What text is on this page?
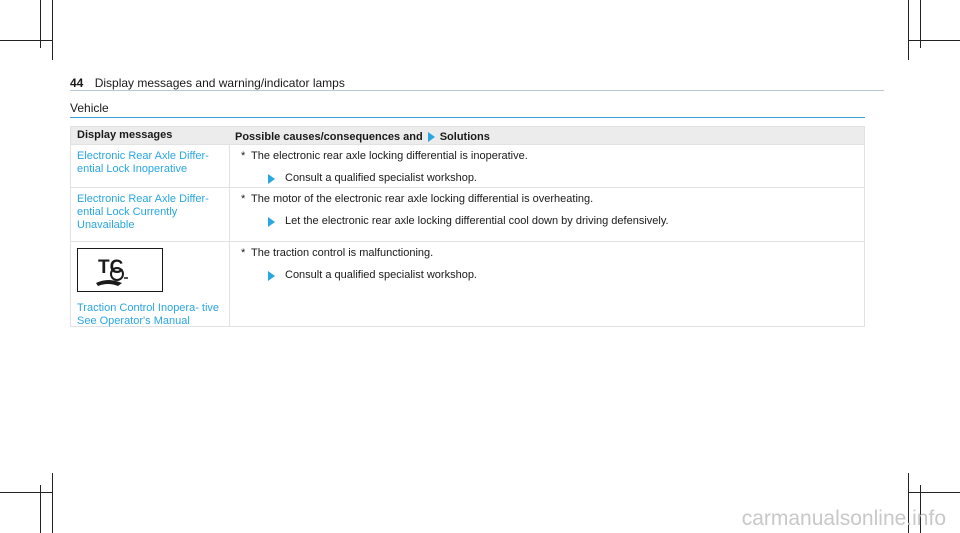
44 Display messages and warning/indicator lamps
Vehicle
Display messages	Possible causes/consequences and Solutions
Electronic Rear Axle Differ- ential Lock Inoperative
* The electronic rear axle locking differential is inoperative.
Consult a qualified specialist workshop.
Electronic Rear Axle Differ- ential Lock Currently Unavailable
* The motor of the electronic rear axle locking differential is overheating.
Let the electronic rear axle locking differential cool down by driving defensively.
TC
Traction Control Inopera- tive See Operator's Manual
* The traction control is malfunctioning.
Consult a qualified specialist workshop.
carmanualsonline.info
